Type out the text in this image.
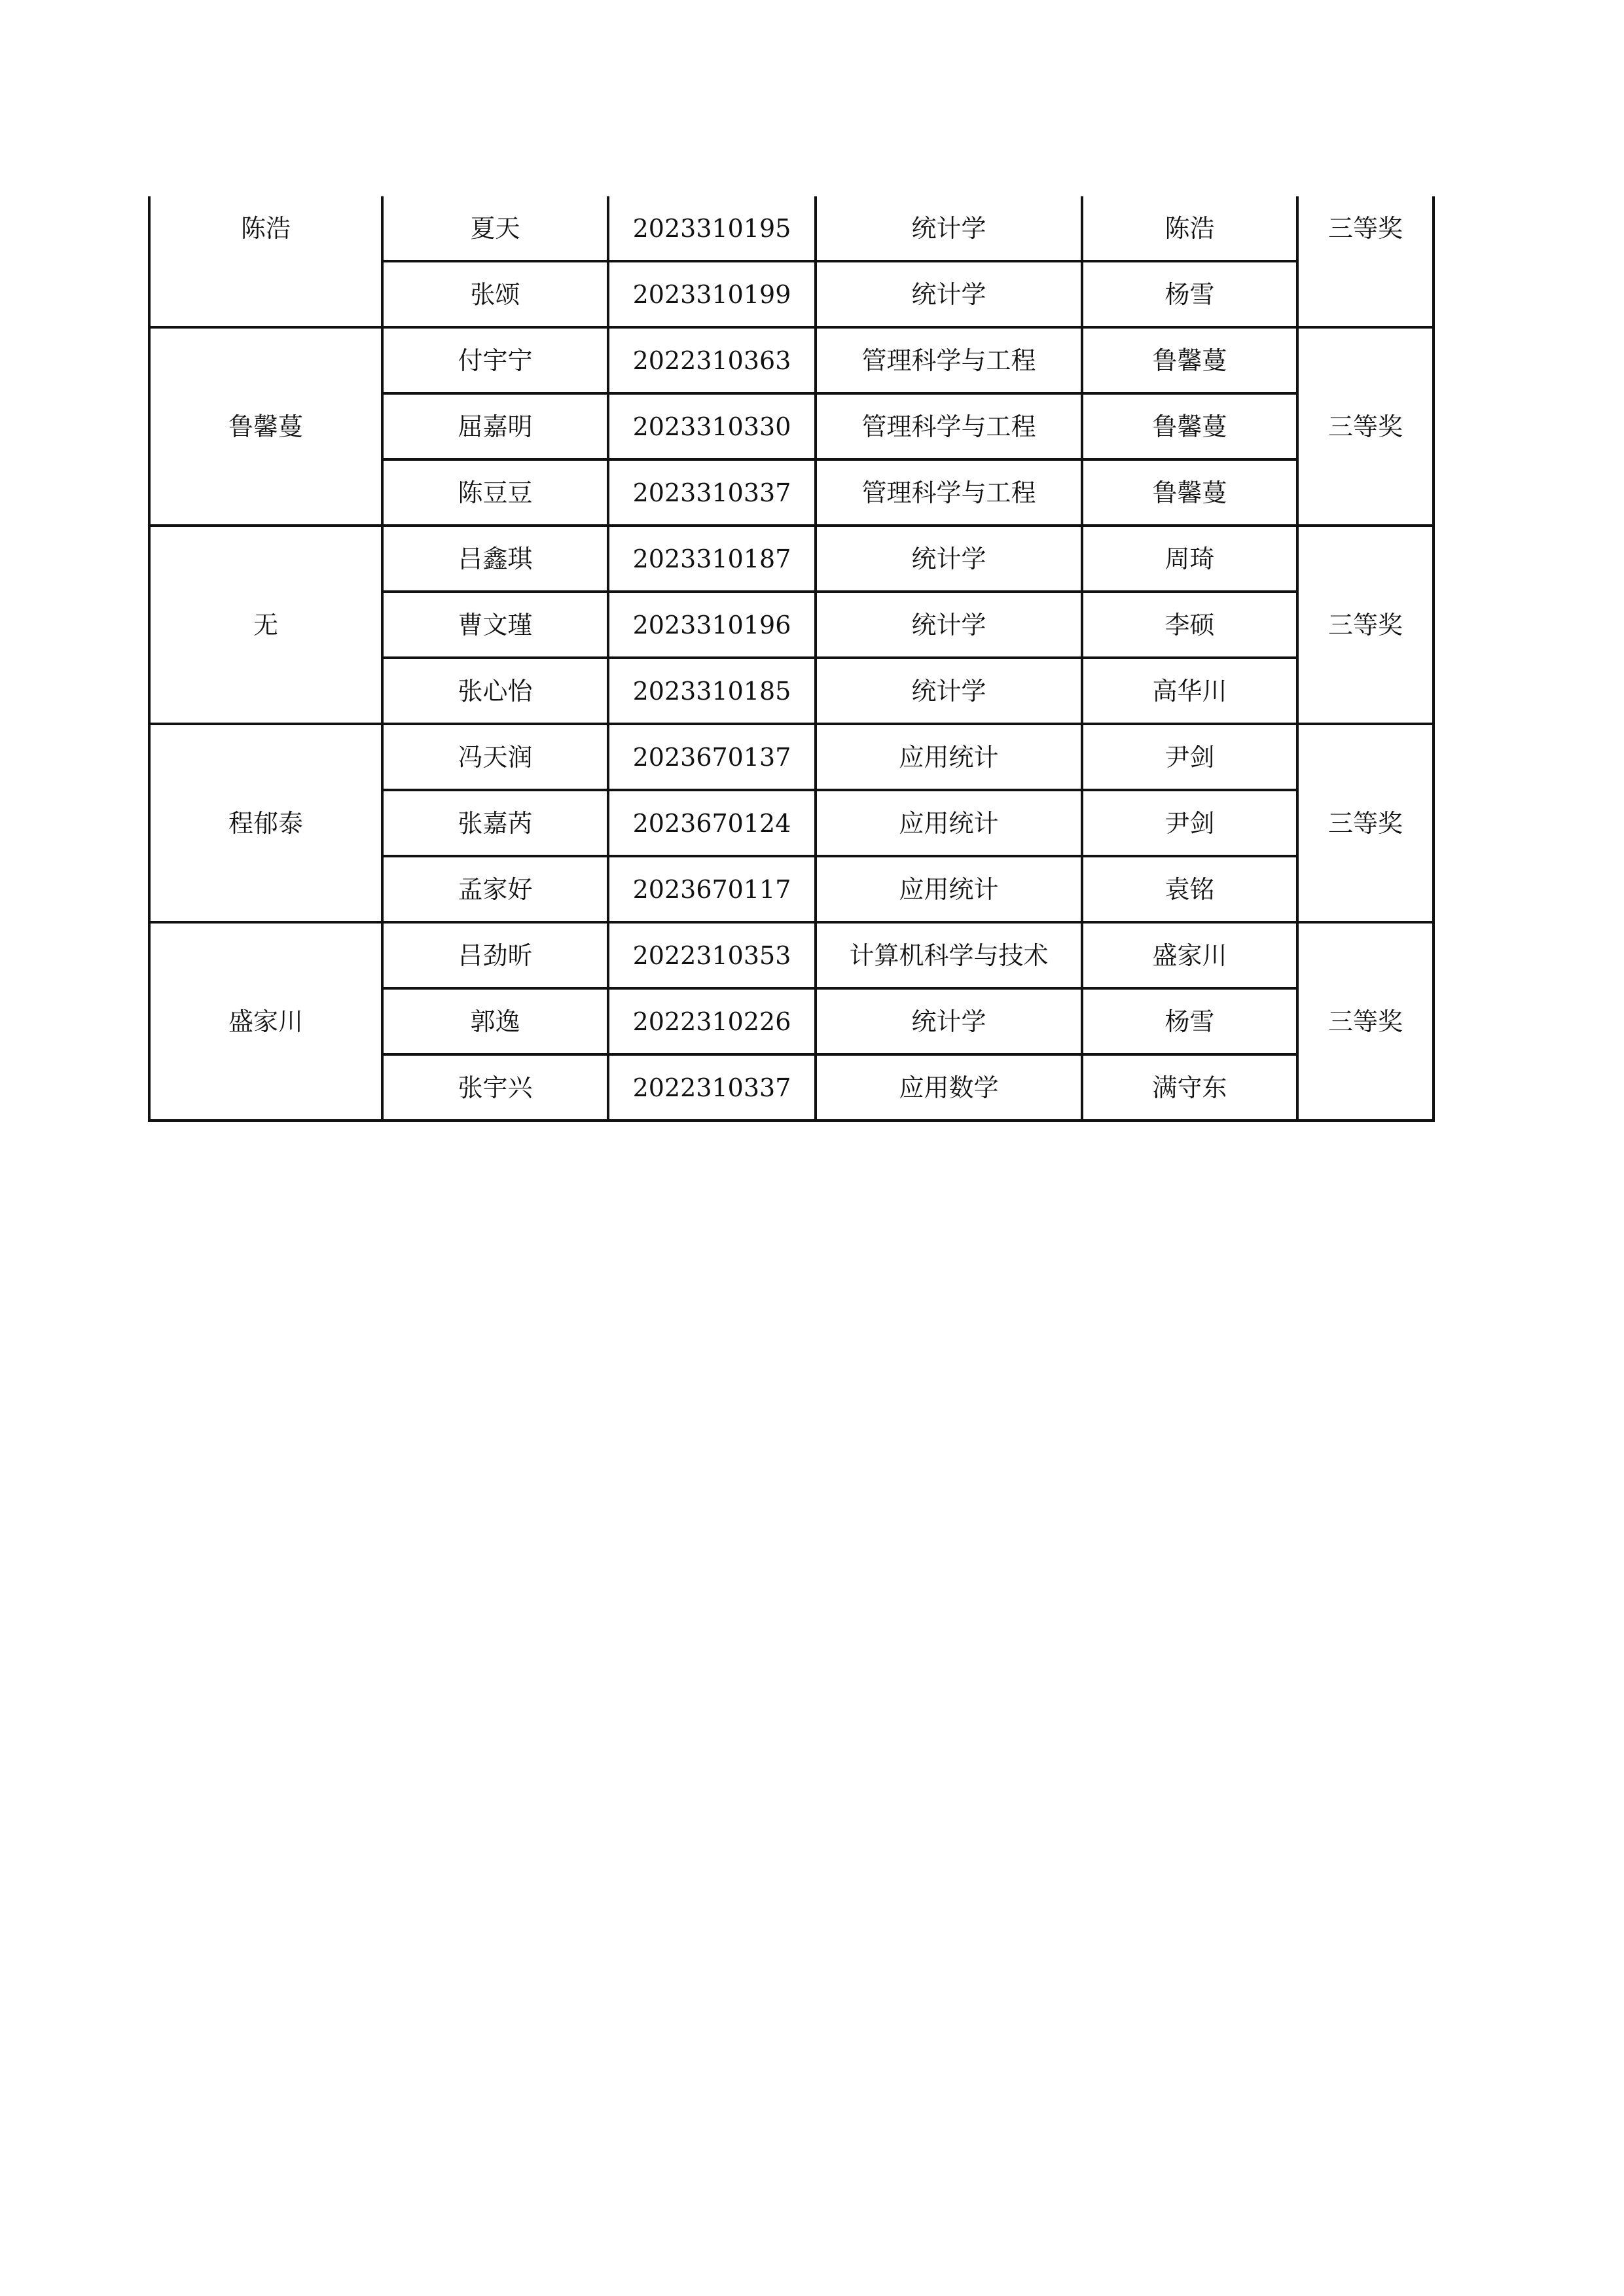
陈浩	夏天	2023310195	统计学	陈浩	三等奖
	张颂	2023310199	统计学	杨雪	
鲁馨蔓	付宇宁	2022310363	管理科学与工程	鲁馨蔓	三等奖
	屈嘉明	2023310330	管理科学与工程	鲁馨蔓	
	陈豆豆	2023310337	管理科学与工程	鲁馨蔓	
无	吕鑫琪	2023310187	统计学	周琦	三等奖
	曹文瑾	2023310196	统计学	李硕	
	张心怡	2023310185	统计学	高华川	
程郁泰	冯天润	2023670137	应用统计	尹剑	三等奖
	张嘉芮	2023670124	应用统计	尹剑	
	孟家好	2023670117	应用统计	袁铭	
盛家川	吕劲昕	2022310353	计算机科学与技术	盛家川	三等奖
	郭逸	2022310226	统计学	杨雪	
	张宇兴	2022310337	应用数学	满守东	
